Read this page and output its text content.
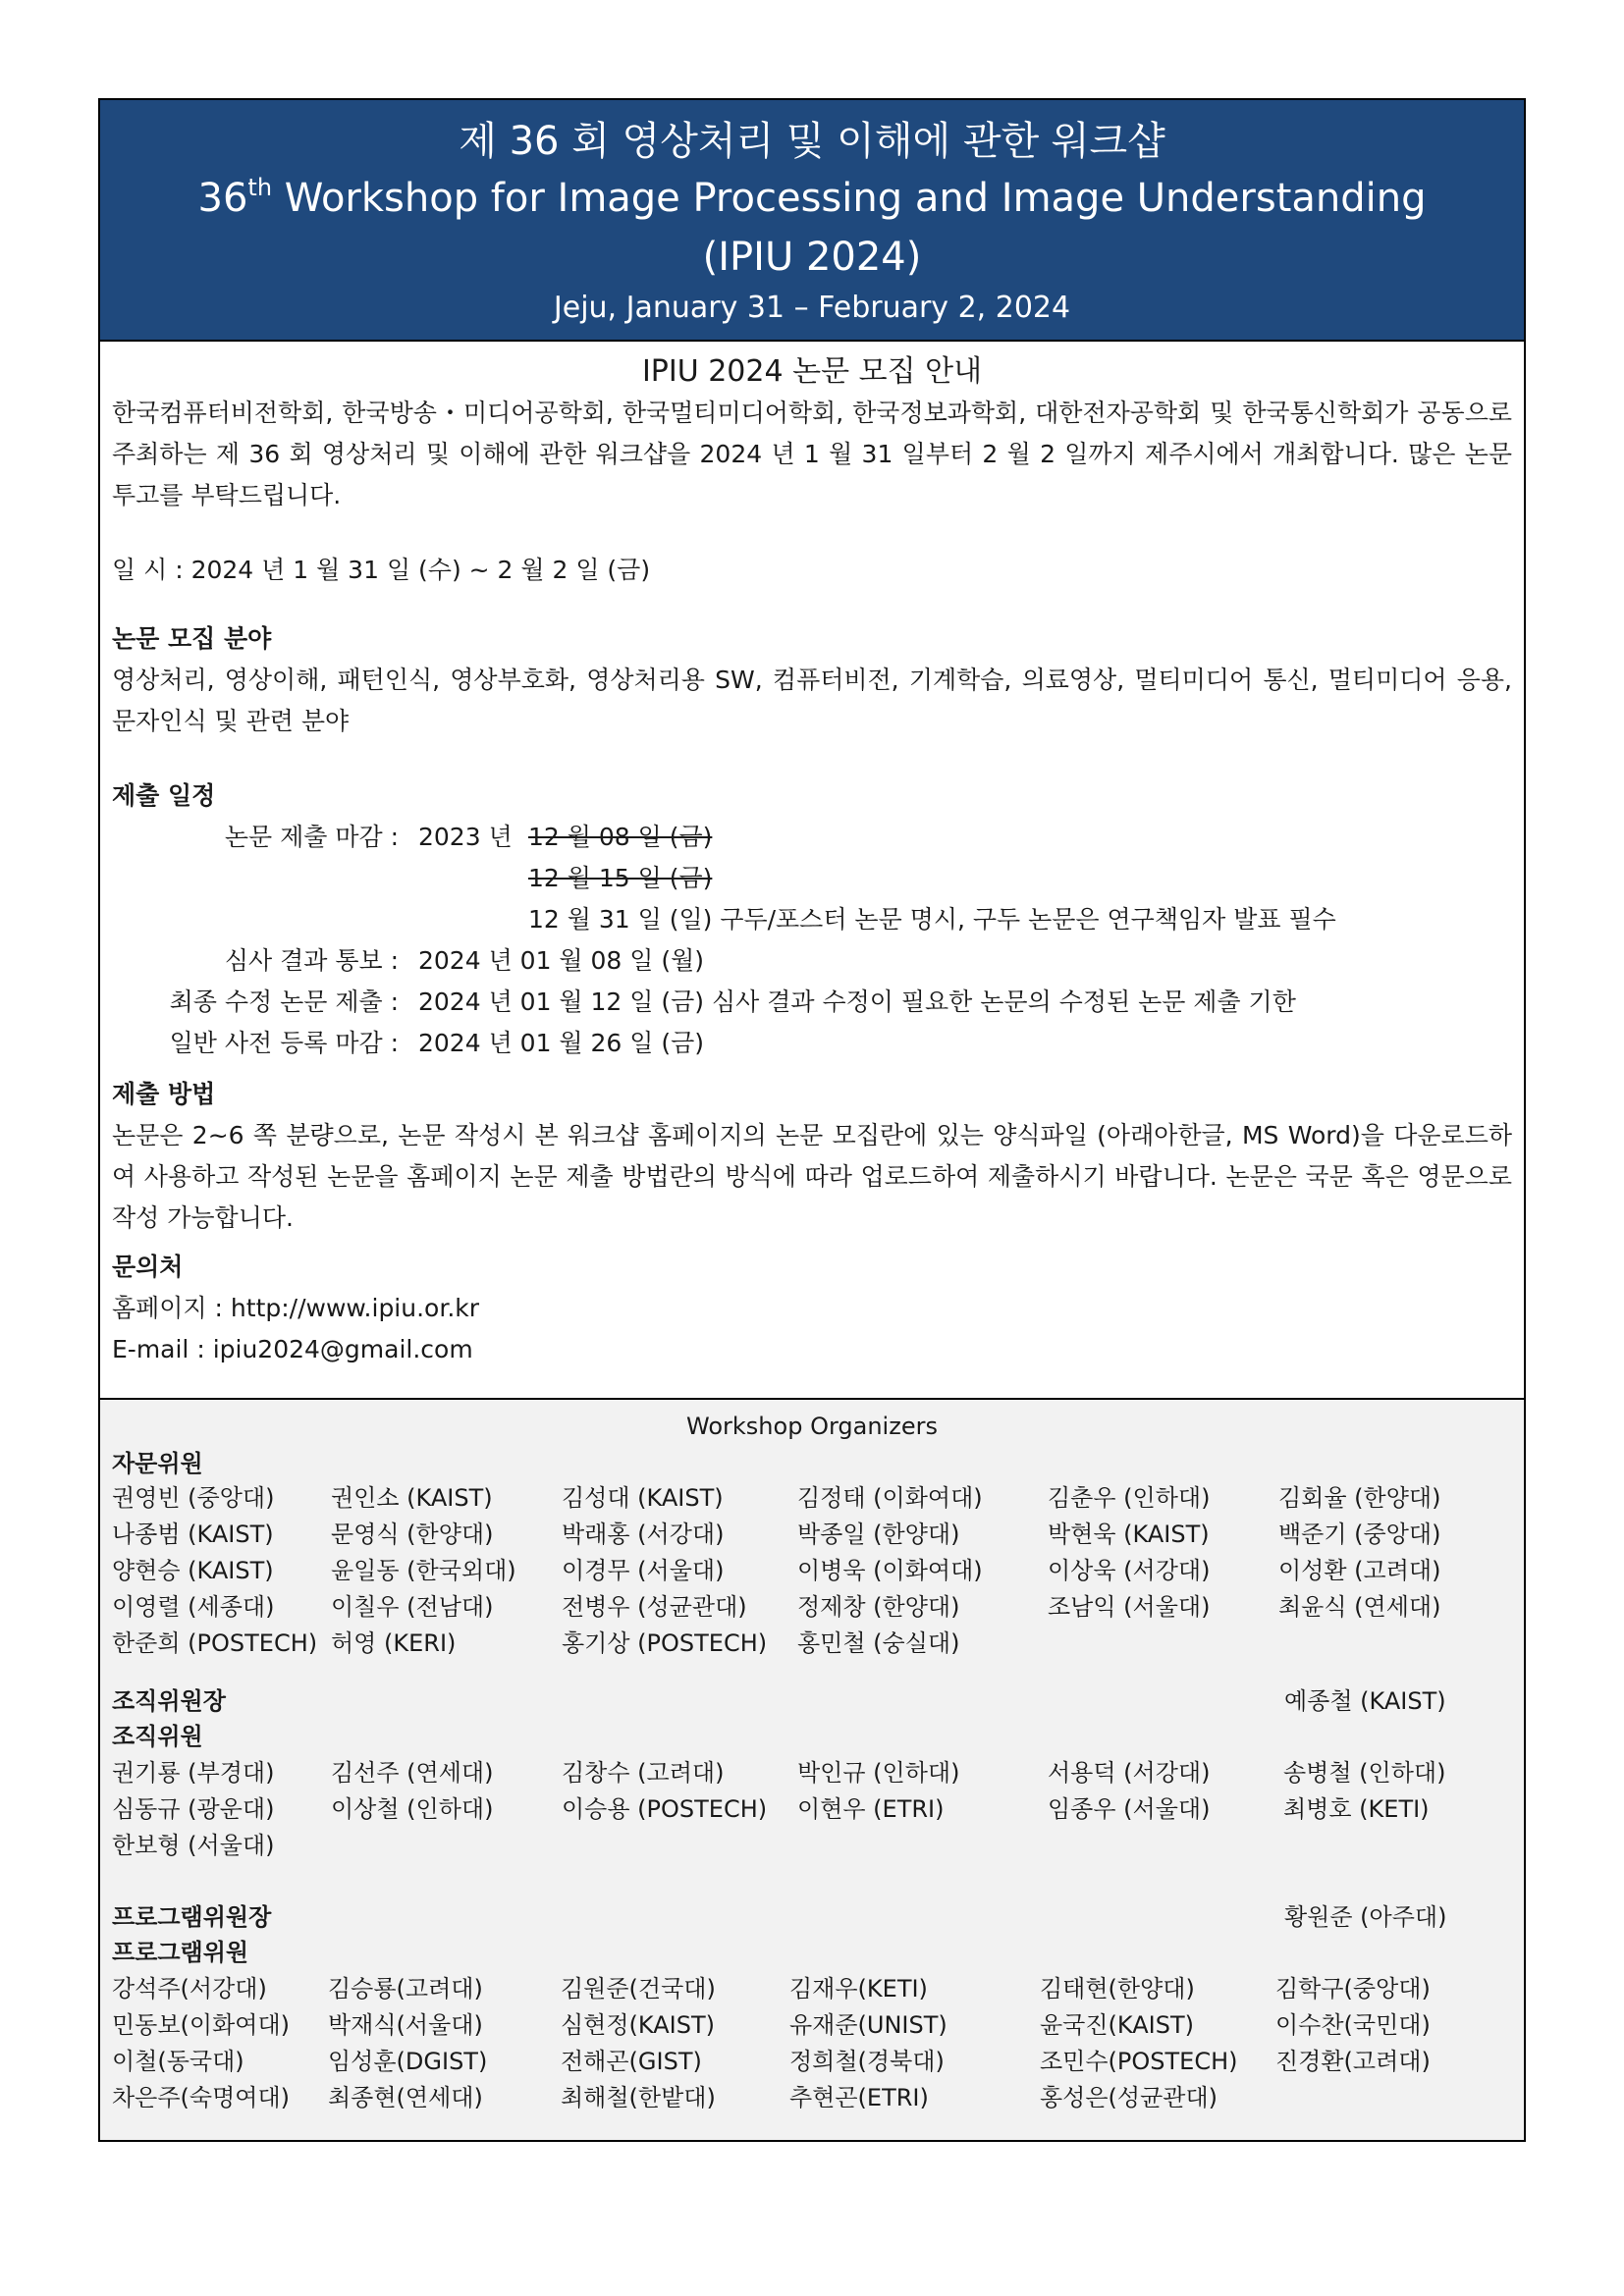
제 36 회 영상처리 및 이해에 관한 워크샵
36th Workshop for Image Processing and Image Understanding
(IPIU 2024)
Jeju, January 31 – February 2, 2024
IPIU 2024 논문 모집 안내
한국컴퓨터비전학회, 한국방송・미디어공학회, 한국멀티미디어학회, 한국정보과학회, 대한전자공학회 및 한국통신학회가 공동으로 주최하는 제 36 회 영상처리 및 이해에 관한 워크샵을 2024 년 1 월 31 일부터 2 월 2 일까지 제주시에서 개최합니다. 많은 논문 투고를 부탁드립니다.
일 시 : 2024 년 1 월 31 일 (수) ~ 2 월 2 일 (금)
논문 모집 분야
영상처리, 영상이해, 패턴인식, 영상부호화, 영상처리용 SW, 컴퓨터비전, 기계학습, 의료영상, 멀티미디어 통신, 멀티미디어 응용, 문자인식 및 관련 분야
제출 일정
논문 제출 마감 : 2023 년 12 월 08 일 (금)
12 월 15 일 (금)
12 월 31 일 (일) 구두/포스터 논문 명시, 구두 논문은 연구책임자 발표 필수
심사 결과 통보 : 2024 년 01 월 08 일 (월)
최종 수정 논문 제출 : 2024 년 01 월 12 일 (금) 심사 결과 수정이 필요한 논문의 수정된 논문 제출 기한
일반 사전 등록 마감 : 2024 년 01 월 26 일 (금)
제출 방법
논문은 2~6 쪽 분량으로, 논문 작성시 본 워크샵 홈페이지의 논문 모집란에 있는 양식파일 (아래아한글, MS Word)을 다운로드하여 사용하고 작성된 논문을 홈페이지 논문 제출 방법란의 방식에 따라 업로드하여 제출하시기 바랍니다. 논문은 국문 혹은 영문으로 작성 가능합니다.
문의처
홈페이지 : http://www.ipiu.or.kr
E-mail : ipiu2024@gmail.com
Workshop Organizers
자문위원
권영빈 (중앙대)	권인소 (KAIST)	김성대 (KAIST)	김정태 (이화여대)	김춘우 (인하대)	김회율 (한양대)
나종범 (KAIST)	문영식 (한양대)	박래홍 (서강대)	박종일 (한양대)	박현욱 (KAIST)	백준기 (중앙대)
양현승 (KAIST)	윤일동 (한국외대)	이경무 (서울대)	이병욱 (이화여대)	이상욱 (서강대)	이성환 (고려대)
이영렬 (세종대)	이칠우 (전남대)	전병우 (성균관대)	정제창 (한양대)	조남익 (서울대)	최윤식 (연세대)
한준희 (POSTECH) 허영 (KERI)	홍기상 (POSTECH)	홍민철 (숭실대)
조직위원장	예종철 (KAIST)
조직위원
권기룡 (부경대)	김선주 (연세대)	김창수 (고려대)	박인규 (인하대)	서용덕 (서강대)	송병철 (인하대)
심동규 (광운대)	이상철 (인하대)	이승용 (POSTECH)	이현우 (ETRI)	임종우 (서울대)	최병호 (KETI)
한보형 (서울대)
프로그램위원장	황원준 (아주대)
프로그램위원
강석주(서강대)	김승룡(고려대)	김원준(건국대)	김재우(KETI)	김태현(한양대)	김학구(중앙대)
민동보(이화여대)	박재식(서울대)	심현정(KAIST)	유재준(UNIST)	윤국진(KAIST)	이수찬(국민대)
이철(동국대)	임성훈(DGIST)	전해곤(GIST)	정희철(경북대)	조민수(POSTECH)	진경환(고려대)
차은주(숙명여대)	최종현(연세대)	최해철(한밭대)	추현곤(ETRI)	홍성은(성균관대)
